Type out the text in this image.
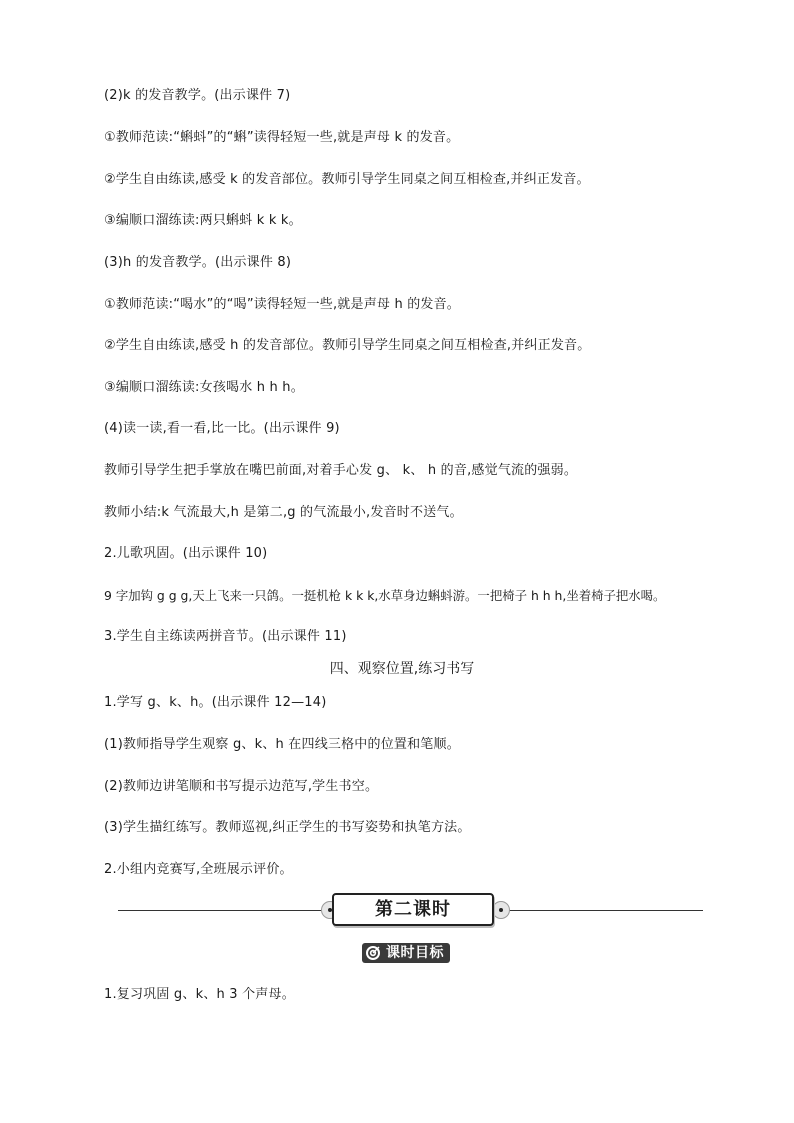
(2)k 的发音教学。(出示课件 7)
①教师范读:“蝌蚪”的“蝌”读得轻短一些,就是声母 k 的发音。
②学生自由练读,感受 k 的发音部位。教师引导学生同桌之间互相检查,并纠正发音。
③编顺口溜练读:两只蝌蚪 k k k。
(3)h 的发音教学。(出示课件 8)
①教师范读:“喝水”的“喝”读得轻短一些,就是声母 h 的发音。
②学生自由练读,感受 h 的发音部位。教师引导学生同桌之间互相检查,并纠正发音。
③编顺口溜练读:女孩喝水 h h h。
(4)读一读,看一看,比一比。(出示课件 9)
教师引导学生把手掌放在嘴巴前面,对着手心发 g、 k、 h 的音,感觉气流的强弱。
教师小结:k 气流最大,h 是第二,g 的气流最小,发音时不送气。
2.儿歌巩固。(出示课件 10)
9 字加钩 g g g,天上飞来一只鸽。一挺机枪 k k k,水草身边蝌蚪游。一把椅子 h h h,坐着椅子把水喝。
3.学生自主练读两拼音节。(出示课件 11)
四、观察位置,练习书写
1.学写 g、k、h。(出示课件 12—14)
(1)教师指导学生观察 g、k、h 在四线三格中的位置和笔顺。
(2)教师边讲笔顺和书写提示边范写,学生书空。
(3)学生描红练写。教师巡视,纠正学生的书写姿势和执笔方法。
2.小组内竞赛写,全班展示评价。
第二课时
课时目标
1.复习巩固 g、k、h 3 个声母。
